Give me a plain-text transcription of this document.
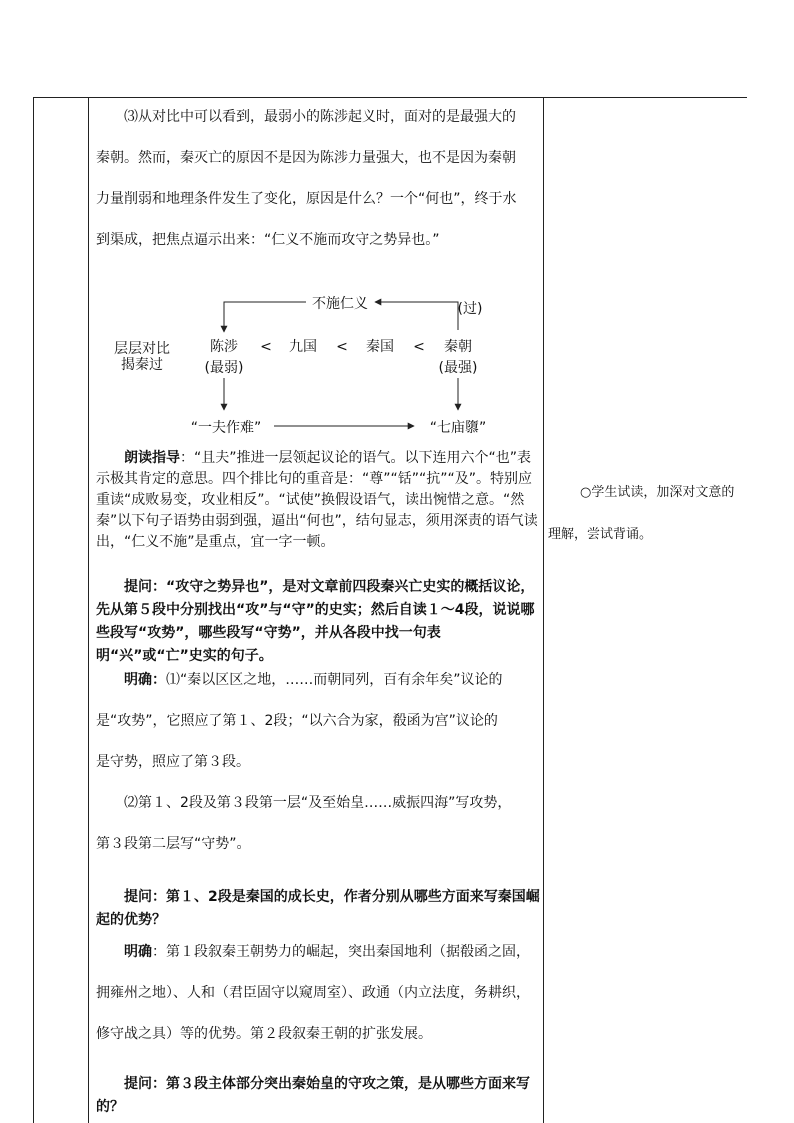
⑶从对比中可以看到，最弱小的陈涉起义时，面对的是最强大的

秦朝。然而，秦灭亡的原因不是因为陈涉力量强大，也不是因为秦朝

力量削弱和地理条件发生了变化，原因是什么？一个“何也”，终于水

到渠成，把焦点逼示出来：“仁义不施而攻守之势异也。”

不施仁义	(过)
层层对比
揭秦过
陈涉 < 九国 < 秦国 < 秦朝
(最弱)	(最强)
“一夫作难”	“七庙隳”

朗读指导：“且夫”推进一层领起议论的语气。以下连用六个“也”表示极其肯定的意思。四个排比句的重音是：“尊”“铦”“抗”“及”。特别应重读“成败易变，攻业相反”。“试使”换假设语气，读出惋惜之意。“然秦”以下句子语势由弱到强，逼出“何也”，结句显志，须用深责的语气读出，“仁义不施”是重点，宜一字一顿。

提问：“攻守之势异也”，是对文章前四段秦兴亡史实的概括议论，先从第５段中分别找出“攻”与“守”的史实；然后自读１～4段，说说哪些段写“攻势”，哪些段写“守势”，并从各段中找一句表明“兴”或“亡”史实的句子。

明确：⑴“秦以区区之地，……而朝同列，百有余年矣”议论的

是“攻势”，它照应了第１、2段；“以六合为家，殽函为宫”议论的

是守势，照应了第３段。

⑵第１、2段及第３段第一层“及至始皇……威振四海”写攻势，

第３段第二层写“守势”。

提问：第１、2段是秦国的成长史，作者分别从哪些方面来写秦国崛起的优势？

明确：第１段叙秦王朝势力的崛起，突出秦国地利（据殽函之固，

拥雍州之地）、人和（君臣固守以窥周室）、政通（内立法度，务耕织，

修守战之具）等的优势。第２段叙秦王朝的扩张发展。

提问：第３段主体部分突出秦始皇的守攻之策，是从哪些方面来写的？

○学生试读，加深对文意的

理解，尝试背诵。
